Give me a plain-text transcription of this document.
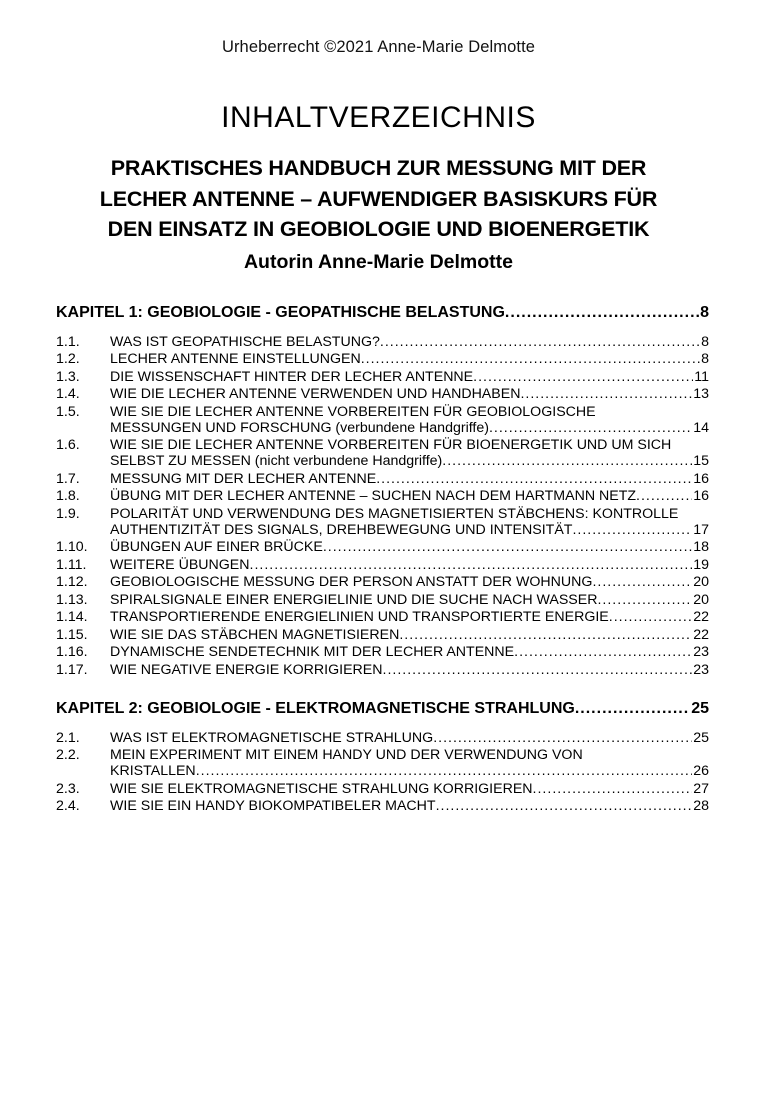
Urheberrecht ©2021 Anne-Marie Delmotte
INHALTVERZEICHNIS
PRAKTISCHES HANDBUCH ZUR MESSUNG MIT DER
LECHER ANTENNE – AUFWENDIGER BASISKURS FÜR
DEN EINSATZ IN GEOBIOLOGIE UND BIOENERGETIK
Autorin Anne-Marie Delmotte
KAPITEL 1: GEOBIOLOGIE - GEOPATHISCHE BELASTUNG .....	8
1.1.	WAS IST GEOPATHISCHE BELASTUNG? .....	8
1.2.	LECHER ANTENNE EINSTELLUNGEN .....	8
1.3.	DIE WISSENSCHAFT HINTER DER LECHER ANTENNE .....	11
1.4.	WIE DIE LECHER ANTENNE VERWENDEN UND HANDHABEN .....	13
1.5.	WIE SIE DIE LECHER ANTENNE VORBEREITEN FÜR GEOBIOLOGISCHE
MESSUNGEN UND FORSCHUNG (verbundene Handgriffe) .....	14
1.6.	WIE SIE DIE LECHER ANTENNE VORBEREITEN FÜR BIOENERGETIK UND UM SICH
SELBST ZU MESSEN (nicht verbundene Handgriffe) .....	15
1.7.	MESSUNG MIT DER LECHER ANTENNE .....	16
1.8.	ÜBUNG MIT DER LECHER ANTENNE – SUCHEN NACH DEM HARTMANN NETZ .....	16
1.9.	POLARITÄT UND VERWENDUNG DES MAGNETISIERTEN STÄBCHENS: KONTROLLE
AUTHENTIZITÄT DES SIGNALS, DREHBEWEGUNG UND INTENSITÄT .....	17
1.10.	ÜBUNGEN AUF EINER BRÜCKE .....	18
1.11.	WEITERE ÜBUNGEN .....	19
1.12.	GEOBIOLOGISCHE MESSUNG DER PERSON ANSTATT DER WOHNUNG .....	20
1.13.	SPIRALSIGNALE EINER ENERGIELINIE UND DIE SUCHE NACH WASSER .....	20
1.14.	TRANSPORTIERENDE ENERGIELINIEN UND TRANSPORTIERTE ENERGIE .....	22
1.15.	WIE SIE DAS STÄBCHEN MAGNETISIEREN .....	22
1.16.	DYNAMISCHE SENDETECHNIK MIT DER LECHER ANTENNE .....	23
1.17.	WIE NEGATIVE ENERGIE KORRIGIEREN .....	23
KAPITEL 2: GEOBIOLOGIE - ELEKTROMAGNETISCHE STRAHLUNG .....	25
2.1.	WAS IST ELEKTROMAGNETISCHE STRAHLUNG .....	25
2.2.	MEIN EXPERIMENT MIT EINEM HANDY UND DER VERWENDUNG VON
KRISTALLEN .....	26
2.3.	WIE SIE ELEKTROMAGNETISCHE STRAHLUNG KORRIGIEREN .....	27
2.4.	WIE SIE EIN HANDY BIOKOMPATIBELER MACHT .....	28
